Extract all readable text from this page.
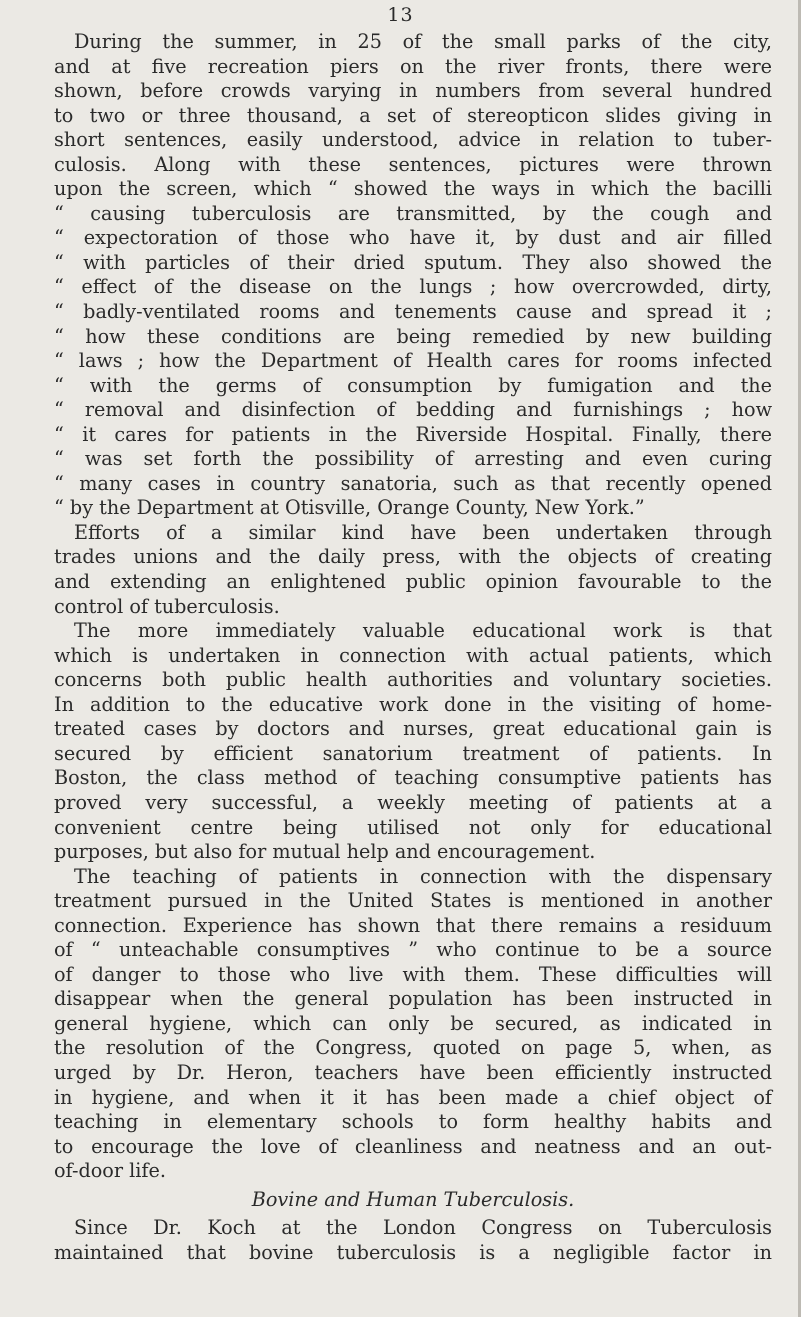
13
During the summer, in 25 of the small parks of the city,
and at five recreation piers on the river fronts, there were
shown, before crowds varying in numbers from several hundred
to two or three thousand, a set of stereopticon slides giving in
short sentences, easily understood, advice in relation to tuber-
culosis. Along with these sentences, pictures were thrown
upon the screen, which “ showed the ways in which the bacilli
“ causing tuberculosis are transmitted, by the cough and
“ expectoration of those who have it, by dust and air filled
“ with particles of their dried sputum. They also showed the
“ effect of the disease on the lungs ; how overcrowded, dirty,
“ badly-ventilated rooms and tenements cause and spread it ;
“ how these conditions are being remedied by new building
“ laws ; how the Department of Health cares for rooms infected
“ with the germs of consumption by fumigation and the
“ removal and disinfection of bedding and furnishings ; how
“ it cares for patients in the Riverside Hospital. Finally, there
“ was set forth the possibility of arresting and even curing
“ many cases in country sanatoria, such as that recently opened
“ by the Department at Otisville, Orange County, New York.”
Efforts of a similar kind have been undertaken through
trades unions and the daily press, with the objects of creating
and extending an enlightened public opinion favourable to the
control of tuberculosis.
The more immediately valuable educational work is that
which is undertaken in connection with actual patients, which
concerns both public health authorities and voluntary societies.
In addition to the educative work done in the visiting of home-
treated cases by doctors and nurses, great educational gain is
secured by efficient sanatorium treatment of patients. In
Boston, the class method of teaching consumptive patients has
proved very successful, a weekly meeting of patients at a
convenient centre being utilised not only for educational
purposes, but also for mutual help and encouragement.
The teaching of patients in connection with the dispensary
treatment pursued in the United States is mentioned in another
connection. Experience has shown that there remains a residuum
of “ unteachable consumptives ” who continue to be a source
of danger to those who live with them. These difficulties will
disappear when the general population has been instructed in
general hygiene, which can only be secured, as indicated in
the resolution of the Congress, quoted on page 5, when, as
urged by Dr. Heron, teachers have been efficiently instructed
in hygiene, and when it it has been made a chief object of
teaching in elementary schools to form healthy habits and
to encourage the love of cleanliness and neatness and an out-
of-door life.
Bovine and Human Tuberculosis.
Since Dr. Koch at the London Congress on Tuberculosis
maintained that bovine tuberculosis is a negligible factor in
